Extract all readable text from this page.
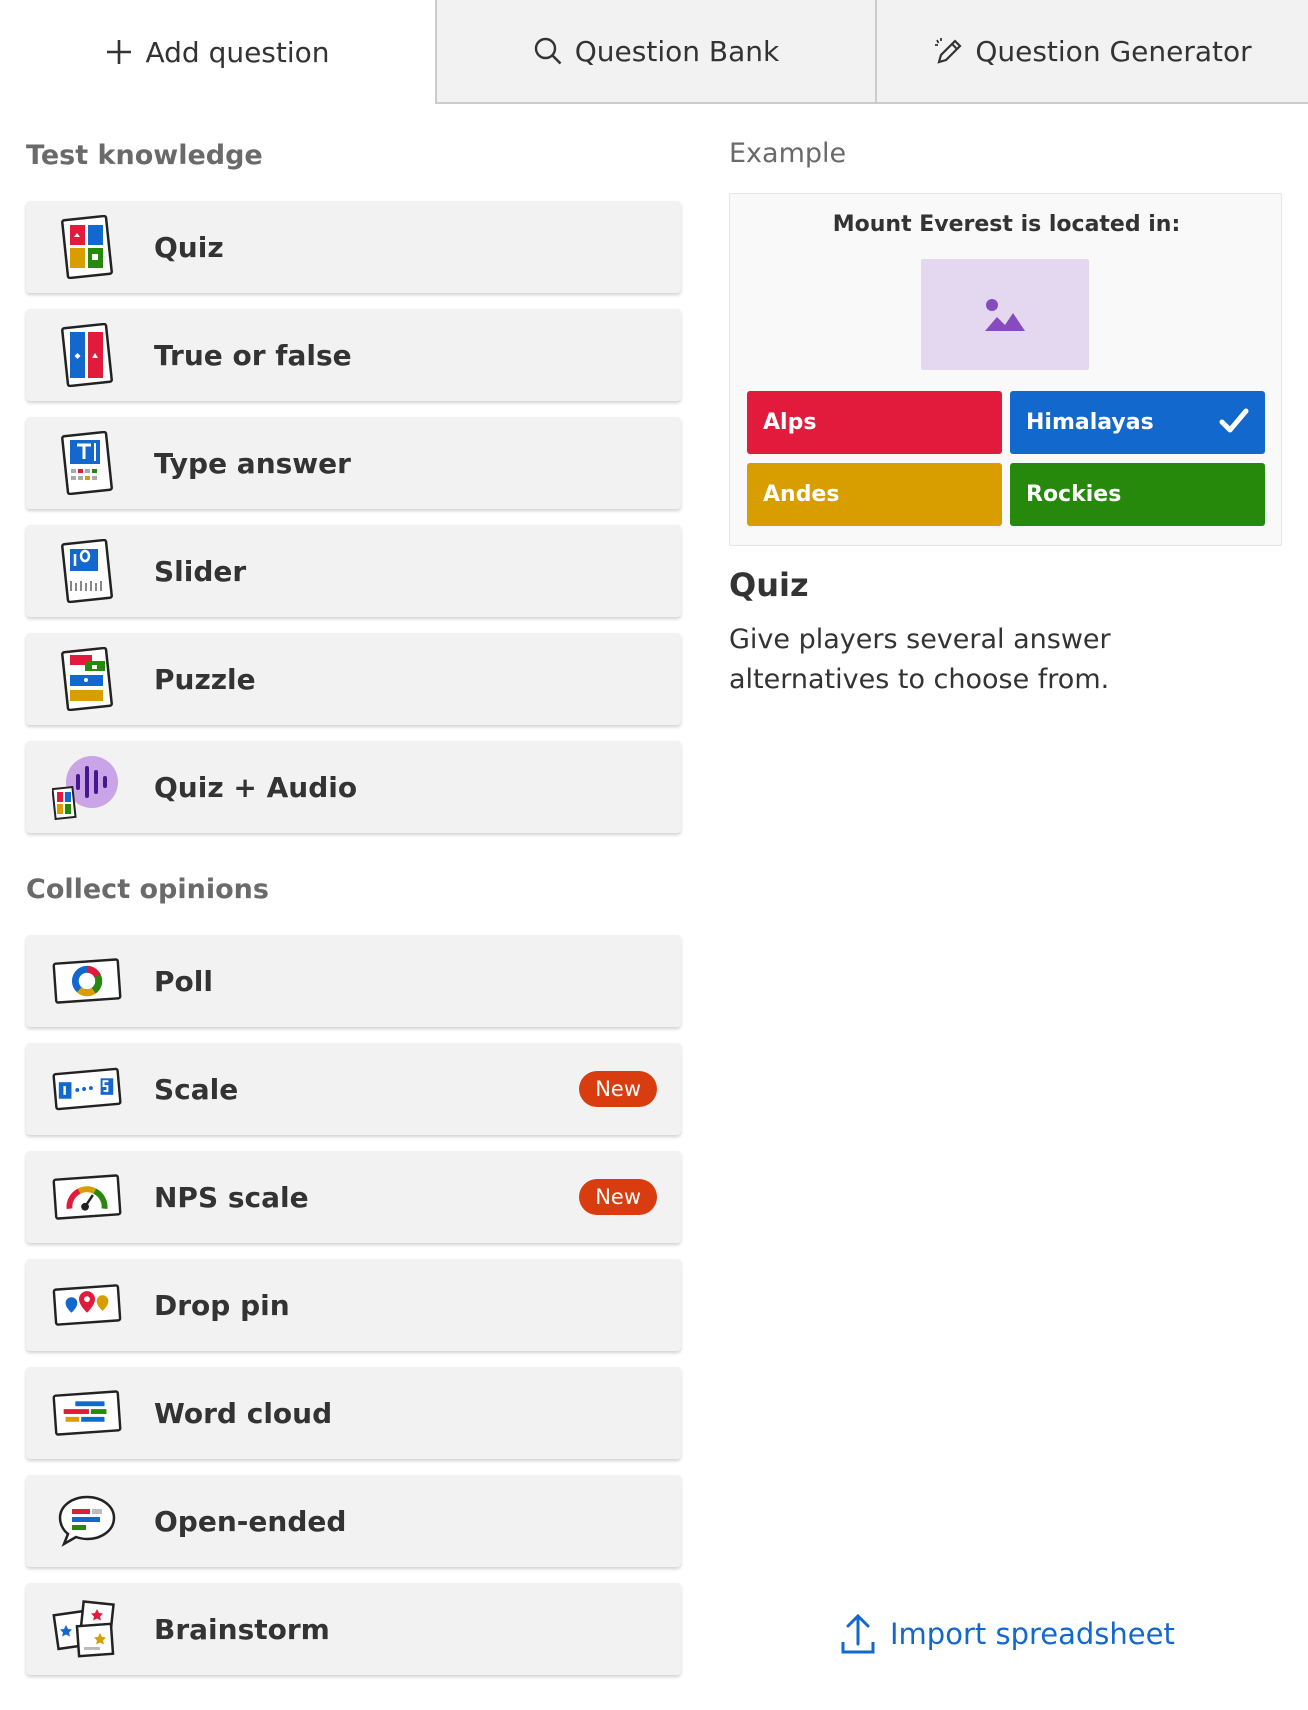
Add question	Question Bank	Question Generator
Test knowledge
Quiz
True or false
Type answer
Slider
Puzzle
Quiz + Audio
Collect opinions
Poll
Scale	New
NPS scale	New
Drop pin
Word cloud
Open-ended
Brainstorm
Example
Mount Everest is located in:
Alps	Himalayas
Andes	Rockies
Quiz
Give players several answer alternatives to choose from.
Import spreadsheet
